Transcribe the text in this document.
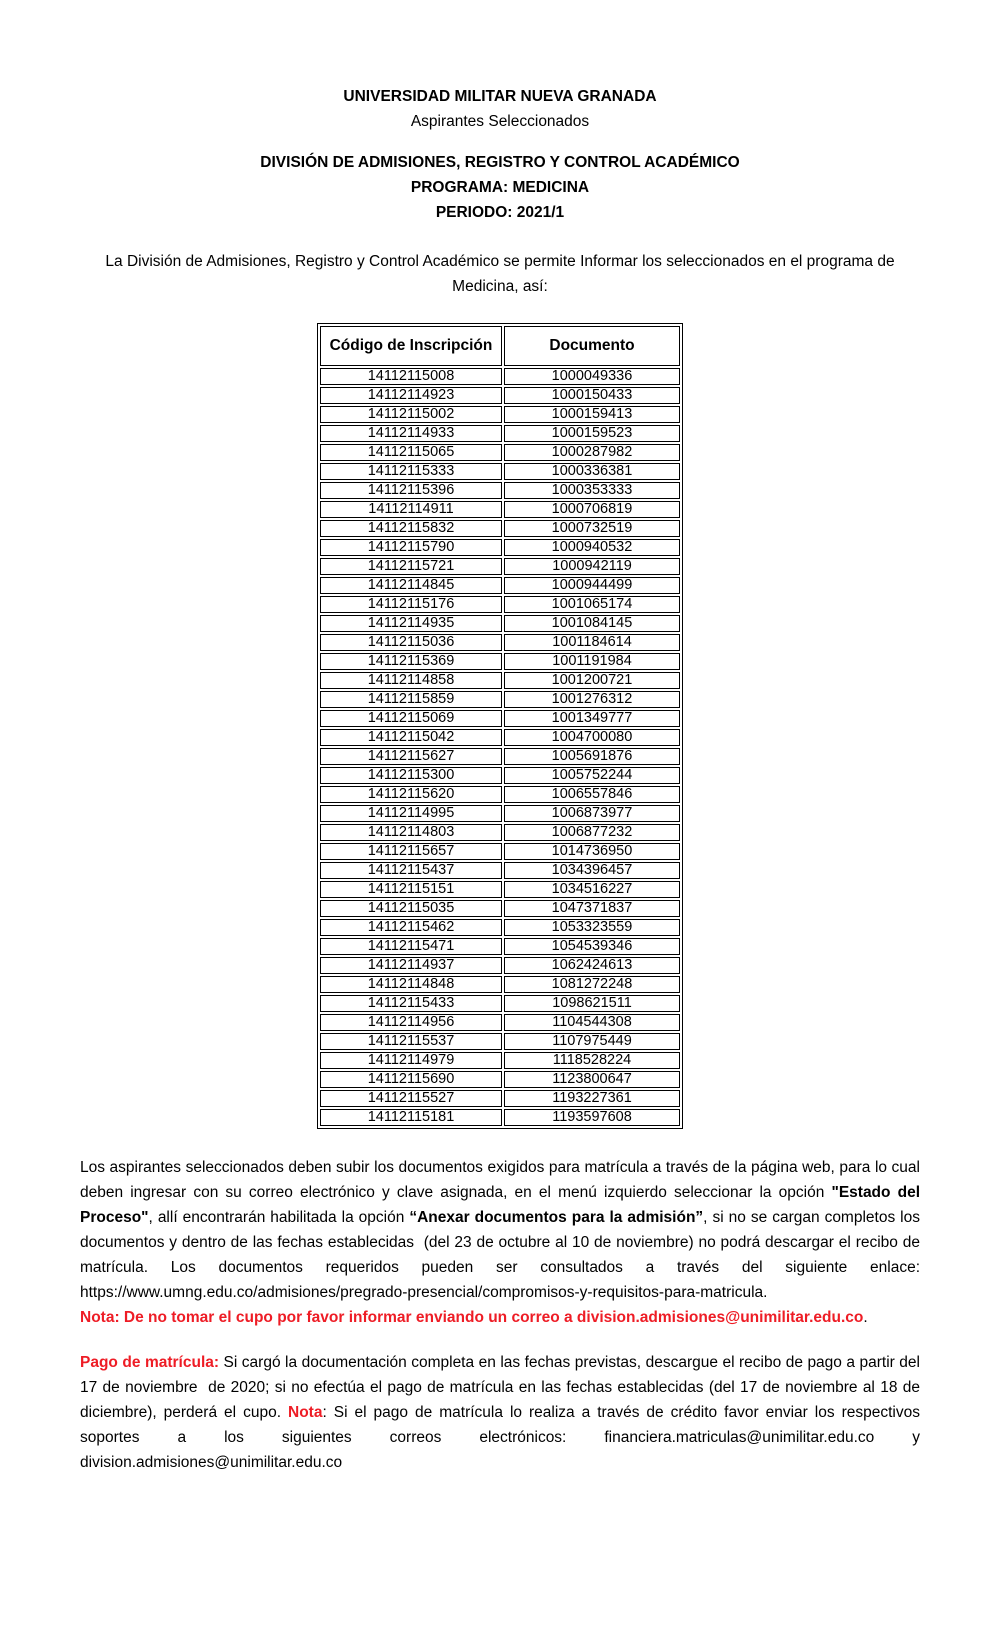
UNIVERSIDAD MILITAR NUEVA GRANADA

Aspirantes Seleccionados

DIVISIÓN DE ADMISIONES, REGISTRO Y CONTROL ACADÉMICO

PROGRAMA: MEDICINA

PERIODO: 2021/1

La División de Admisiones, Registro y Control Académico se permite Informar los seleccionados en el programa de Medicina, así:

Código de Inscripción	Documento
14112115008	1000049336
14112114923	1000150433
14112115002	1000159413
14112114933	1000159523
14112115065	1000287982
14112115333	1000336381
14112115396	1000353333
14112114911	1000706819
14112115832	1000732519
14112115790	1000940532
14112115721	1000942119
14112114845	1000944499
14112115176	1001065174
14112114935	1001084145
14112115036	1001184614
14112115369	1001191984
14112114858	1001200721
14112115859	1001276312
14112115069	1001349777
14112115042	1004700080
14112115627	1005691876
14112115300	1005752244
14112115620	1006557846
14112114995	1006873977
14112114803	1006877232
14112115657	1014736950
14112115437	1034396457
14112115151	1034516227
14112115035	1047371837
14112115462	1053323559
14112115471	1054539346
14112114937	1062424613
14112114848	1081272248
14112115433	1098621511
14112114956	1104544308
14112115537	1107975449
14112114979	1118528224
14112115690	1123800647
14112115527	1193227361
14112115181	1193597608

Los aspirantes seleccionados deben subir los documentos exigidos para matrícula a través de la página web, para lo cual deben ingresar con su correo electrónico y clave asignada, en el menú izquierdo seleccionar la opción "Estado del Proceso", allí encontrarán habilitada la opción “Anexar documentos para la admisión”, si no se cargan completos los documentos y dentro de las fechas establecidas  (del 23 de octubre al 10 de noviembre) no podrá descargar el recibo de matrícula. Los documentos requeridos pueden ser consultados a través del siguiente enlace: https://www.umng.edu.co/admisiones/pregrado-presencial/compromisos-y-requisitos-para-matricula.

Nota: De no tomar el cupo por favor informar enviando un correo a division.admisiones@unimilitar.edu.co.

Pago de matrícula: Si cargó la documentación completa en las fechas previstas, descargue el recibo de pago a partir del 17 de noviembre  de 2020; si no efectúa el pago de matrícula en las fechas establecidas (del 17 de noviembre al 18 de diciembre), perderá el cupo. Nota: Si el pago de matrícula lo realiza a través de crédito favor enviar los respectivos soportes a los siguientes correos electrónicos: financiera.matriculas@unimilitar.edu.co y division.admisiones@unimilitar.edu.co
